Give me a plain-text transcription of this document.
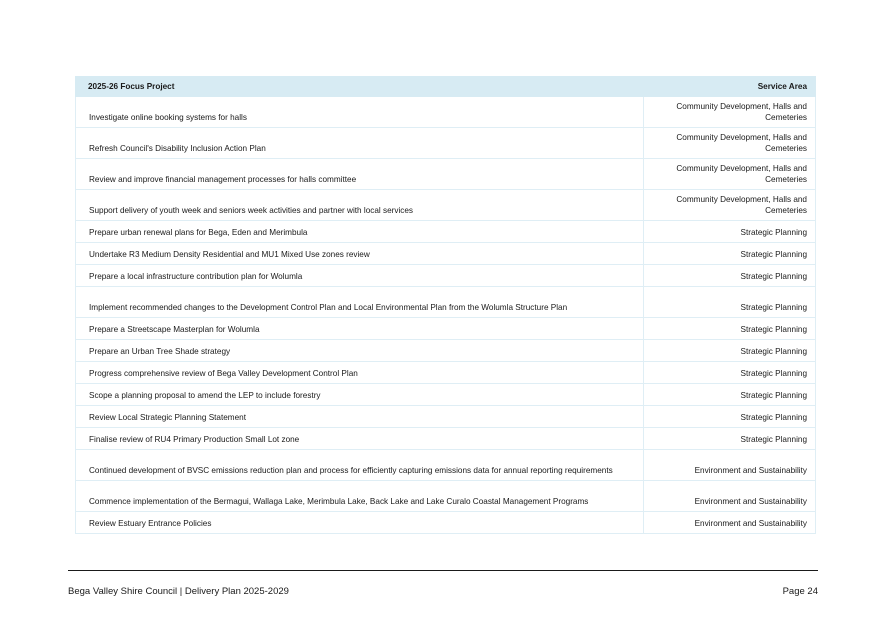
2025-26 Focus Project	Service Area
Investigate online booking systems for halls	Community Development, Halls and Cemeteries
Refresh Council's Disability Inclusion Action Plan	Community Development, Halls and Cemeteries
Review and improve financial management processes for halls committee	Community Development, Halls and Cemeteries
Support delivery of youth week and seniors week activities and partner with local services	Community Development, Halls and Cemeteries
Prepare urban renewal plans for Bega, Eden and Merimbula	Strategic Planning
Undertake R3 Medium Density Residential and MU1 Mixed Use zones review	Strategic Planning
Prepare a local infrastructure contribution plan for Wolumla	Strategic Planning
Implement recommended changes to the Development Control Plan and Local Environmental Plan from the Wolumla Structure Plan	Strategic Planning
Prepare a Streetscape Masterplan for Wolumla	Strategic Planning
Prepare an Urban Tree Shade strategy	Strategic Planning
Progress comprehensive review of Bega Valley Development Control Plan	Strategic Planning
Scope a planning proposal to amend the LEP to include forestry	Strategic Planning
Review Local Strategic Planning Statement	Strategic Planning
Finalise review of RU4 Primary Production Small Lot zone	Strategic Planning
Continued development of BVSC emissions reduction plan and process for efficiently capturing emissions data for annual reporting requirements	Environment and Sustainability
Commence implementation of the Bermagui, Wallaga Lake, Merimbula Lake, Back Lake and Lake Curalo Coastal Management Programs	Environment and Sustainability
Review Estuary Entrance Policies	Environment and Sustainability
Bega Valley Shire Council | Delivery Plan 2025-2029	Page 24
